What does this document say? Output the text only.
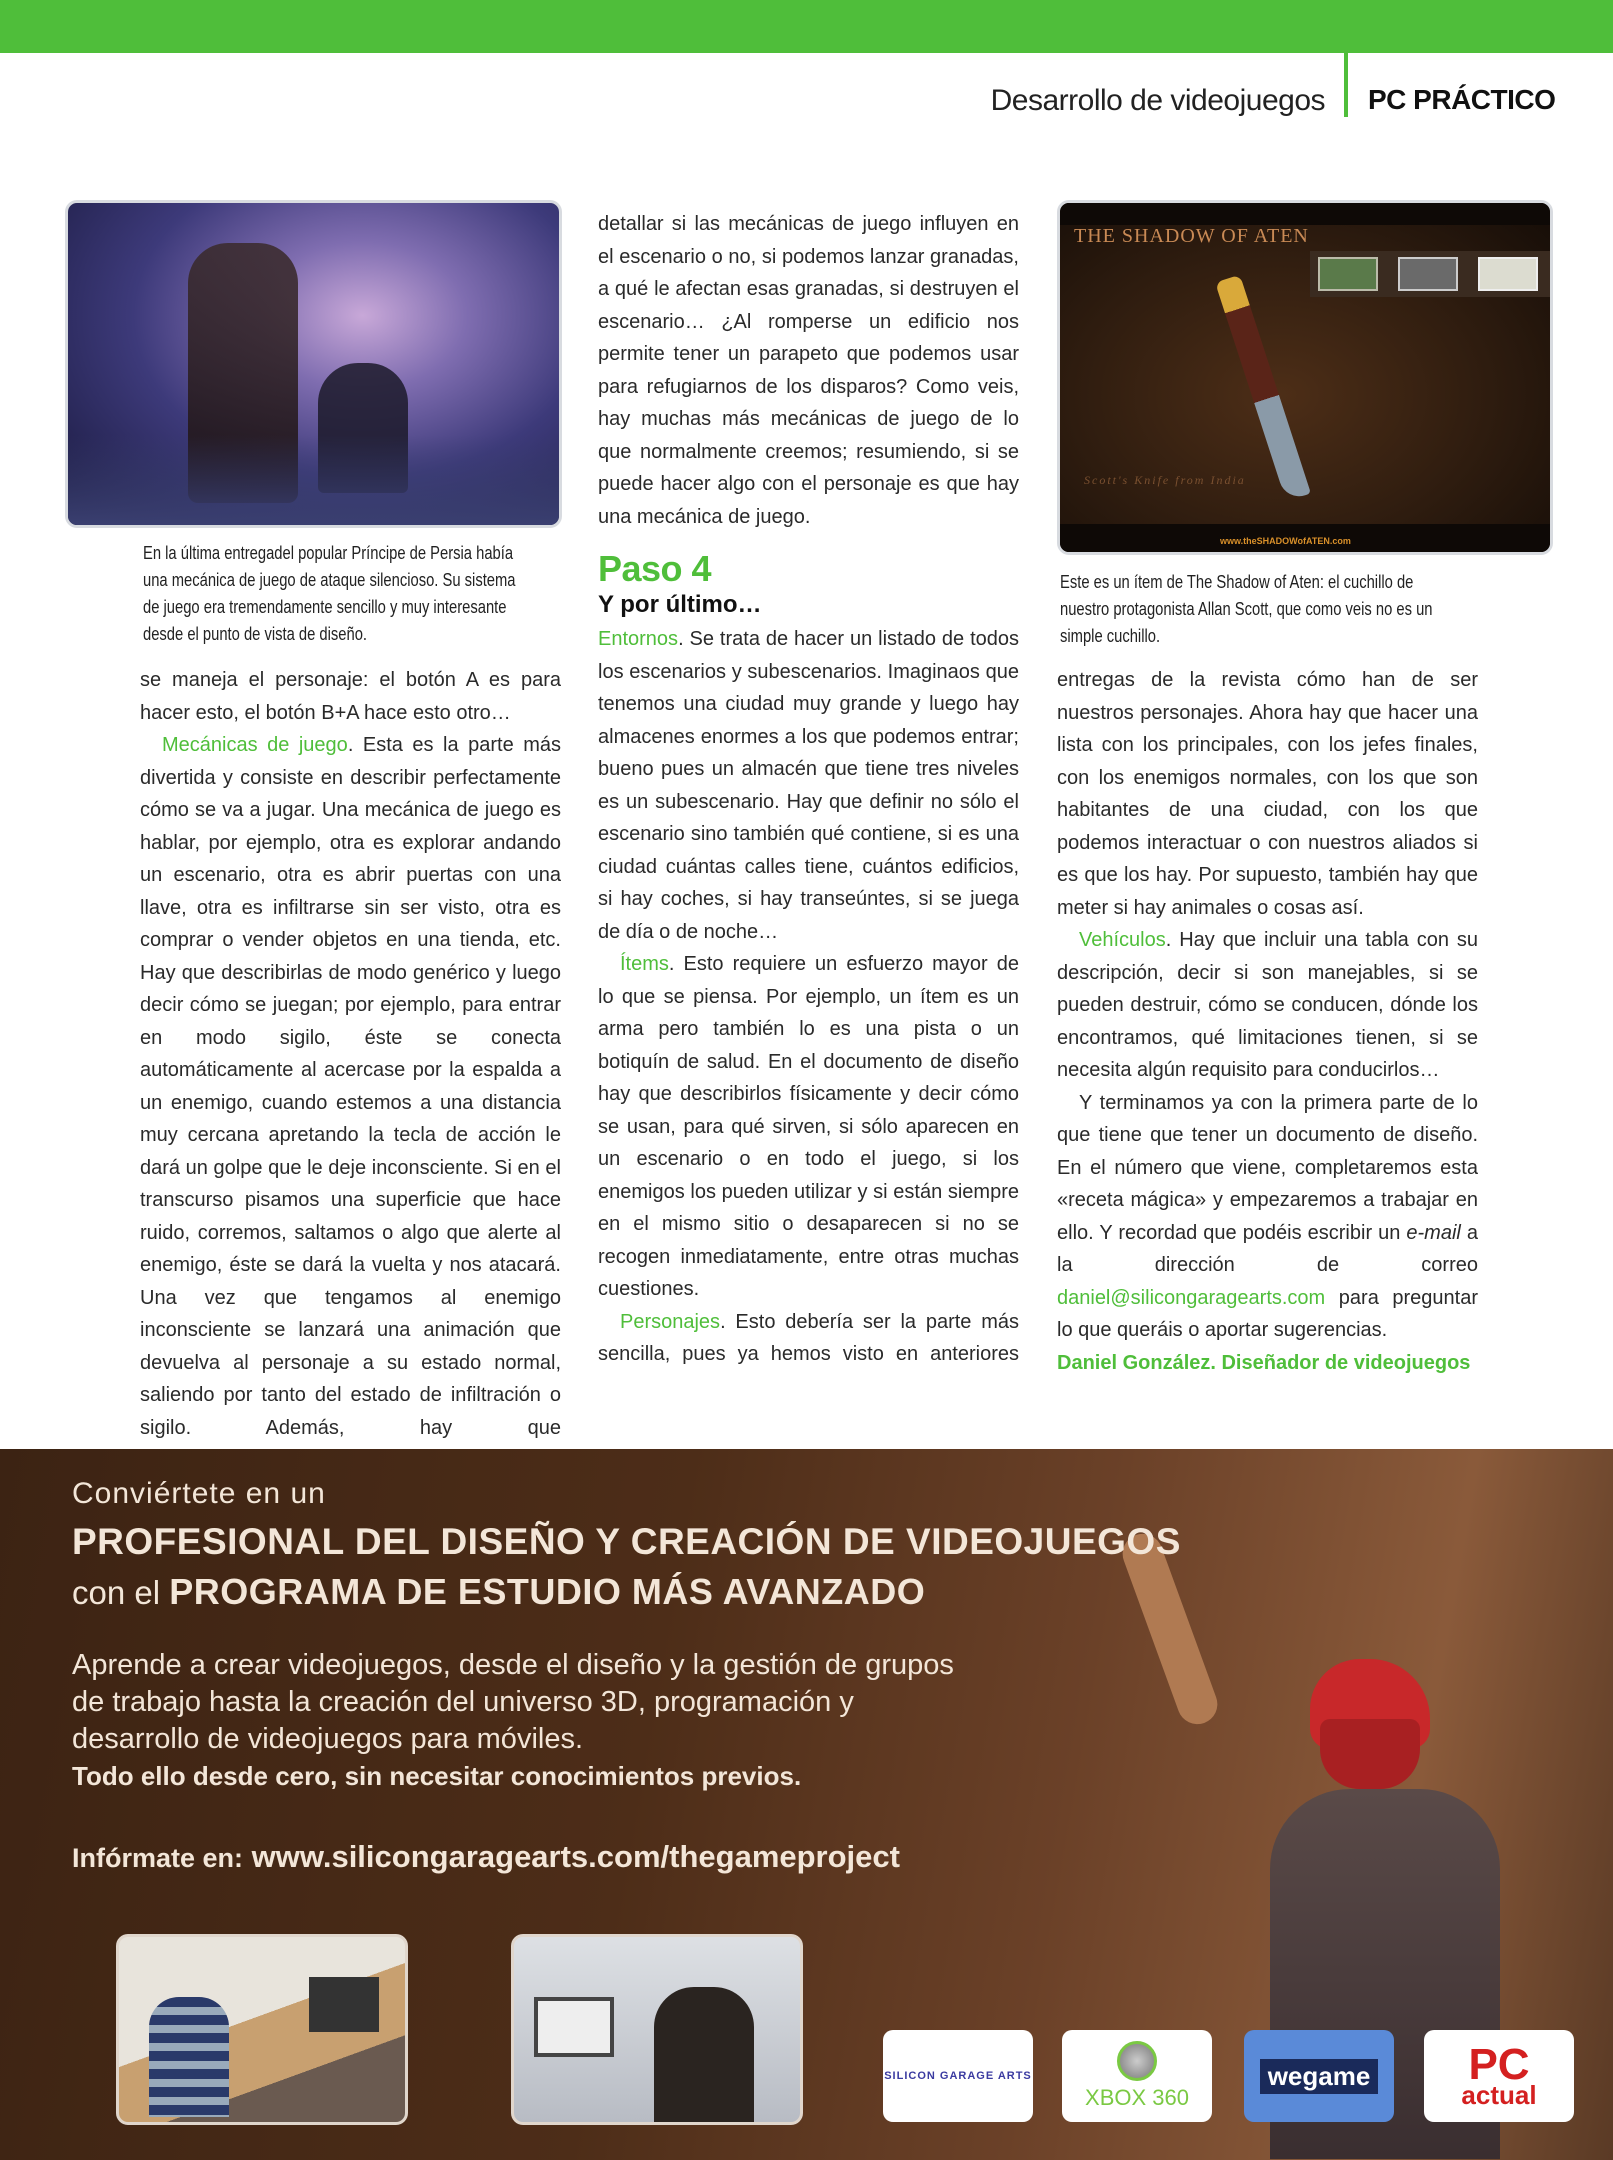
Desarrollo de videojuegos PC PRÁCTICO
En la última entregadel popular Príncipe de Persia había
una mecánica de juego de ataque silencioso. Su sistema
de juego era tremendamente sencillo y muy interesante
desde el punto de vista de diseño.
THE SHADOW OF ATEN
Scott's Knife from India
www.theSHADOWofATEN.com
Este es un ítem de The Shadow of Aten: el cuchillo de
nuestro protagonista Allan Scott, que como veis no es un
simple cuchillo.

se maneja el personaje: el botón A es para hacer esto, el botón B+A hace esto otro…

Mecánicas de juego. Esta es la parte más divertida y consiste en describir perfectamente cómo se va a jugar. Una mecánica de juego es hablar, por ejemplo, otra es explorar andando un escenario, otra es abrir puertas con una llave, otra es infiltrarse sin ser visto, otra es comprar o vender objetos en una tienda, etc. Hay que describirlas de modo genérico y luego decir cómo se juegan; por ejemplo, para entrar en modo sigilo, éste se conecta automáticamente al acercase por la espalda a un enemigo, cuando estemos a una distancia muy cercana apretando la tecla de acción le dará un golpe que le deje inconsciente. Si en el transcurso pisamos una superficie que hace ruido, corremos, saltamos o algo que alerte al enemigo, éste se dará la vuelta y nos atacará. Una vez que tengamos al enemigo inconsciente se lanzará una animación que devuelva al personaje a su estado normal, saliendo por tanto del estado de infiltración o sigilo. Además, hay que

detallar si las mecánicas de juego influyen en el escenario o no, si podemos lanzar granadas, a qué le afectan esas granadas, si destruyen el escenario… ¿Al romperse un edificio nos permite tener un parapeto que podemos usar para refugiarnos de los disparos? Como veis, hay muchas más mecánicas de juego de lo que normalmente creemos; resumiendo, si se puede hacer algo con el personaje es que hay una mecánica de juego.

Paso 4
Y por último…

Entornos. Se trata de hacer un listado de todos los escenarios y subescenarios. Imaginaos que tenemos una ciudad muy grande y luego hay almacenes enormes a los que podemos entrar; bueno pues un almacén que tiene tres niveles es un subescenario. Hay que definir no sólo el escenario sino también qué contiene, si es una ciudad cuántas calles tiene, cuántos edificios, si hay coches, si hay transeúntes, si se juega de día o de noche…

Ítems. Esto requiere un esfuerzo mayor de lo que se piensa. Por ejemplo, un ítem es un arma pero también lo es una pista o un botiquín de salud. En el documento de diseño hay que describirlos físicamente y decir cómo se usan, para qué sirven, si sólo aparecen en un escenario o en todo el juego, si los enemigos los pueden utilizar y si están siempre en el mismo sitio o desaparecen si no se recogen inmediatamente, entre otras muchas cuestiones.

Personajes. Esto debería ser la parte más sencilla, pues ya hemos visto en anteriores

entregas de la revista cómo han de ser nuestros personajes. Ahora hay que hacer una lista con los principales, con los jefes finales, con los enemigos normales, con los que son habitantes de una ciudad, con los que podemos interactuar o con nuestros aliados si es que los hay. Por supuesto, también hay que meter si hay animales o cosas así.

Vehículos. Hay que incluir una tabla con su descripción, decir si son manejables, si se pueden destruir, cómo se conducen, dónde los encontramos, qué limitaciones tienen, si se necesita algún requisito para conducirlos…

Y terminamos ya con la primera parte de lo que tiene que tener un documento de diseño. En el número que viene, completaremos esta «receta mágica» y empezaremos a trabajar en ello. Y recordad que podéis escribir un e-mail a la dirección de correo daniel@silicongaragearts.com para preguntar lo que queráis o aportar sugerencias.

Daniel González. Diseñador de videojuegos
Conviértete en un
PROFESIONAL DEL DISEÑO Y CREACIÓN DE VIDEOJUEGOS
con el PROGRAMA DE ESTUDIO MÁS AVANZADO
Aprende a crear videojuegos, desde el diseño y la gestión de grupos
de trabajo hasta la creación del universo 3D, programación y
desarrollo de videojuegos para móviles.
Todo ello desde cero, sin necesitar conocimientos previos.
Infórmate en: www.silicongaragearts.com/thegameproject
SILICON GARAGE ARTS
XBOX 360
wegame PC
actual
